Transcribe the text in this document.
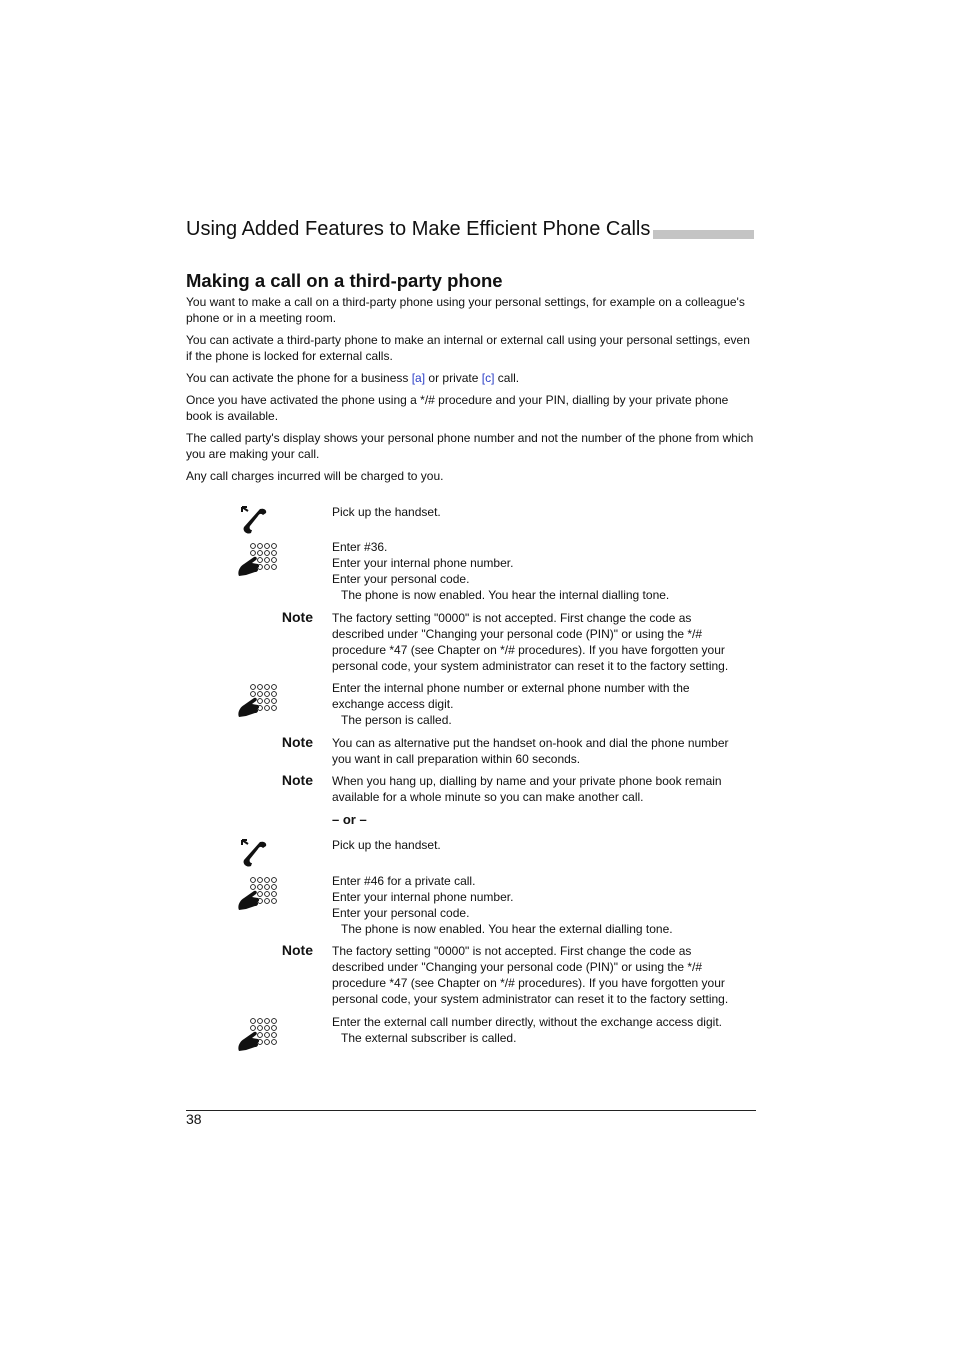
Using Added Features to Make Efficient Phone Calls
Making a call on a third-party phone

You want to make a call on a third-party phone using your personal settings, for example on a colleague's phone or in a meeting room.

You can activate a third-party phone to make an internal or external call using your personal settings, even if the phone is locked for external calls.

You can activate the phone for a business [a] or private [c] call.

Once you have activated the phone using a */# procedure and your PIN, dialling by your private phone book is available.

The called party's display shows your personal phone number and not the number of the phone from which you are making your call.

Any call charges incurred will be charged to you.

Pick up the handset.
Enter #36.
Enter your internal phone number.
Enter your personal code.
The phone is now enabled. You hear the internal dialling tone.
Note The factory setting "0000" is not accepted. First change the code as
described under "Changing your personal code (PIN)" or using the */#
procedure *47 (see Chapter on */# procedures). If you have forgotten your
personal code, your system administrator can reset it to the factory setting.
Enter the internal phone number or external phone number with the
exchange access digit.
The person is called.
Note You can as alternative put the handset on-hook and dial the phone number
you want in call preparation within 60 seconds.
Note When you hang up, dialling by name and your private phone book remain
available for a whole minute so you can make another call.
– or –
Pick up the handset.
Enter #46 for a private call.
Enter your internal phone number.
Enter your personal code.
The phone is now enabled. You hear the external dialling tone.
Note The factory setting "0000" is not accepted. First change the code as
described under "Changing your personal code (PIN)" or using the */#
procedure *47 (see Chapter on */# procedures). If you have forgotten your
personal code, your system administrator can reset it to the factory setting.
Enter the external call number directly, without the exchange access digit.
The external subscriber is called.
38
